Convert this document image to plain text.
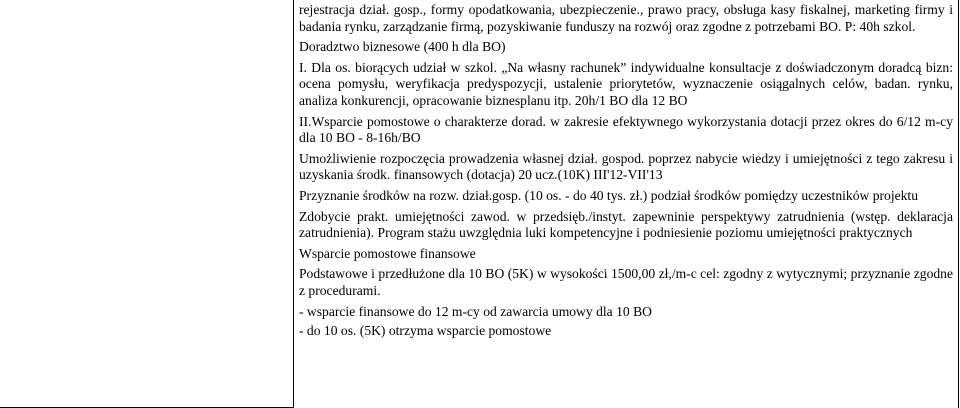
rejestracja dział. gosp., formy opodatkowania, ubezpieczenie., prawo pracy, obsługa kasy fiskalnej, marketing firmy i badania rynku, zarządzanie firmą, pozyskiwanie funduszy na rozwój oraz zgodne z potrzebami BO. P: 40h szkol.

Doradztwo biznesowe (400 h dla BO)

I. Dla os. biorących udział w szkol. „Na własny rachunek” indywidualne konsultacje z doświadczonym doradcą bizn: ocena pomysłu, weryfikacja predyspozycji, ustalenie priorytetów, wyznaczenie osiągalnych celów, badan. rynku, analiza konkurencji, opracowanie biznesplanu itp. 20h/1 BO dla 12 BO

II.Wsparcie pomostowe o charakterze dorad. w zakresie efektywnego wykorzystania dotacji przez okres do 6/12 m-cy dla 10 BO - 8-16h/BO

Umożliwienie rozpoczęcia prowadzenia własnej dział. gospod. poprzez nabycie wiedzy i umiejętności z tego zakresu i uzyskania środk. finansowych (dotacja) 20 ucz.(10K) III'12-VII'13

Przyznanie środków na rozw. dział.gosp. (10 os. - do 40 tys. zł.) podział środków pomiędzy uczestników projektu

Zdobycie prakt. umiejętności zawod. w przedsięb./instyt. zapewninie perspektywy zatrudnienia (wstęp. deklaracja zatrudnienia). Program stażu uwzględnia luki kompetencyjne i podniesienie poziomu umiejętności praktycznych

Wsparcie pomostowe finansowe

Podstawowe i przedłużone dla 10 BO (5K) w wysokości 1500,00 zł,/m-c cel: zgodny z wytycznymi; przyznanie zgodne z procedurami.

- wsparcie finansowe do 12 m-cy od zawarcia umowy dla 10 BO

- do 10 os. (5K) otrzyma wsparcie pomostowe
